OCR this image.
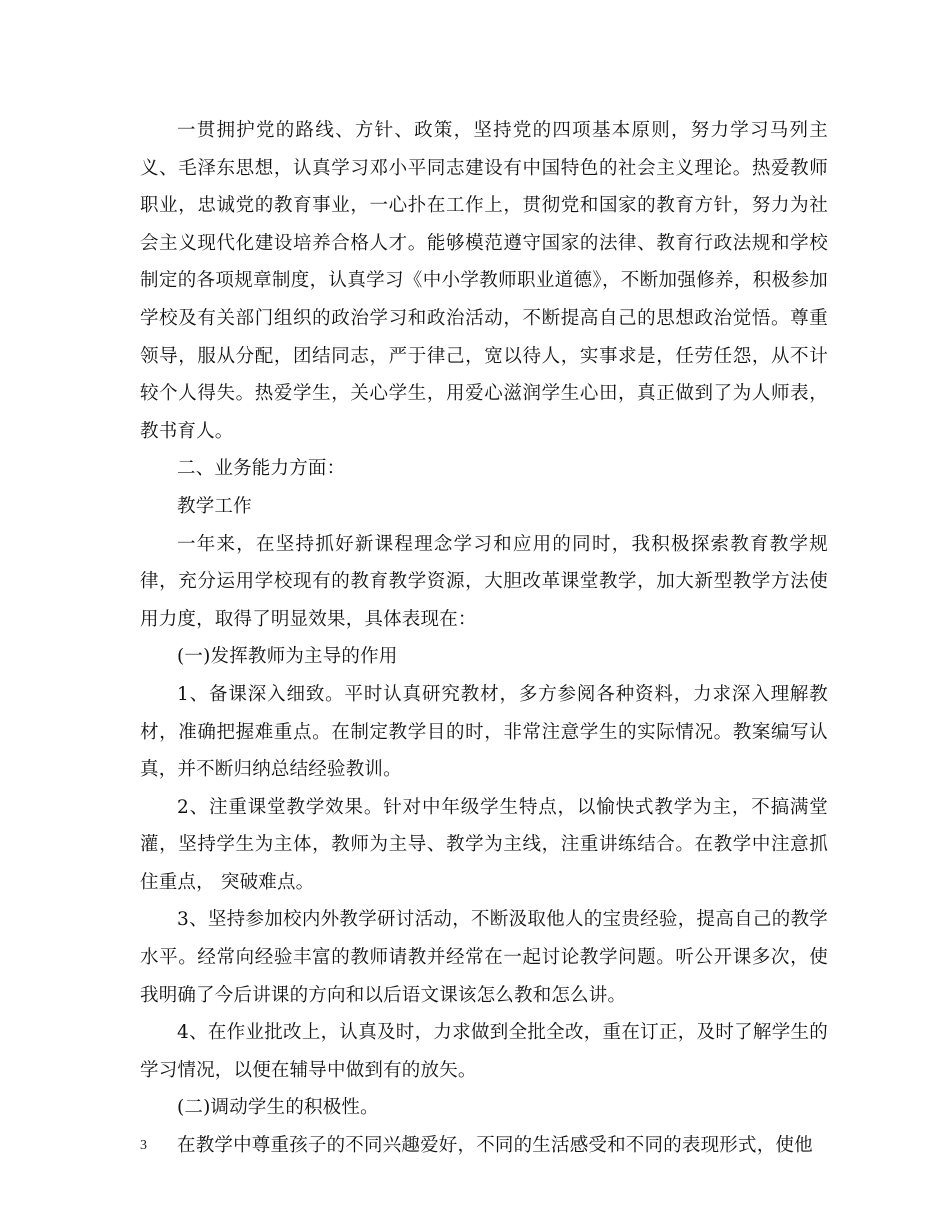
一贯拥护党的路线、方针、政策，坚持党的四项基本原则，努力学习马列主义、毛泽东思想，认真学习邓小平同志建设有中国特色的社会主义理论。热爱教师职业，忠诚党的教育事业，一心扑在工作上，贯彻党和国家的教育方针，努力为社会主义现代化建设培养合格人才。能够模范遵守国家的法律、教育行政法规和学校制定的各项规章制度，认真学习《中小学教师职业道德》，不断加强修养，积极参加学校及有关部门组织的政治学习和政治活动，不断提高自己的思想政治觉悟。尊重领导，服从分配，团结同志，严于律己，宽以待人，实事求是，任劳任怨，从不计较个人得失。热爱学生，关心学生，用爱心滋润学生心田，真正做到了为人师表，教书育人。

二、业务能力方面：

教学工作

一年来，在坚持抓好新课程理念学习和应用的同时，我积极探索教育教学规律，充分运用学校现有的教育教学资源，大胆改革课堂教学，加大新型教学方法使用力度，取得了明显效果，具体表现在：

(一)发挥教师为主导的作用

1、备课深入细致。平时认真研究教材，多方参阅各种资料，力求深入理解教材，准确把握难重点。在制定教学目的时，非常注意学生的实际情况。教案编写认真，并不断归纳总结经验教训。

2、注重课堂教学效果。针对中年级学生特点，以愉快式教学为主，不搞满堂灌，坚持学生为主体，教师为主导、教学为主线，注重讲练结合。在教学中注意抓住重点， 突破难点。

3、坚持参加校内外教学研讨活动，不断汲取他人的宝贵经验，提高自己的教学水平。经常向经验丰富的教师请教并经常在一起讨论教学问题。听公开课多次，使我明确了今后讲课的方向和以后语文课该怎么教和怎么讲。

4、在作业批改上，认真及时，力求做到全批全改，重在订正，及时了解学生的学习情况，以便在辅导中做到有的放矢。

(二)调动学生的积极性。

在教学中尊重孩子的不同兴趣爱好，不同的生活感受和不同的表现形式，使他

3
